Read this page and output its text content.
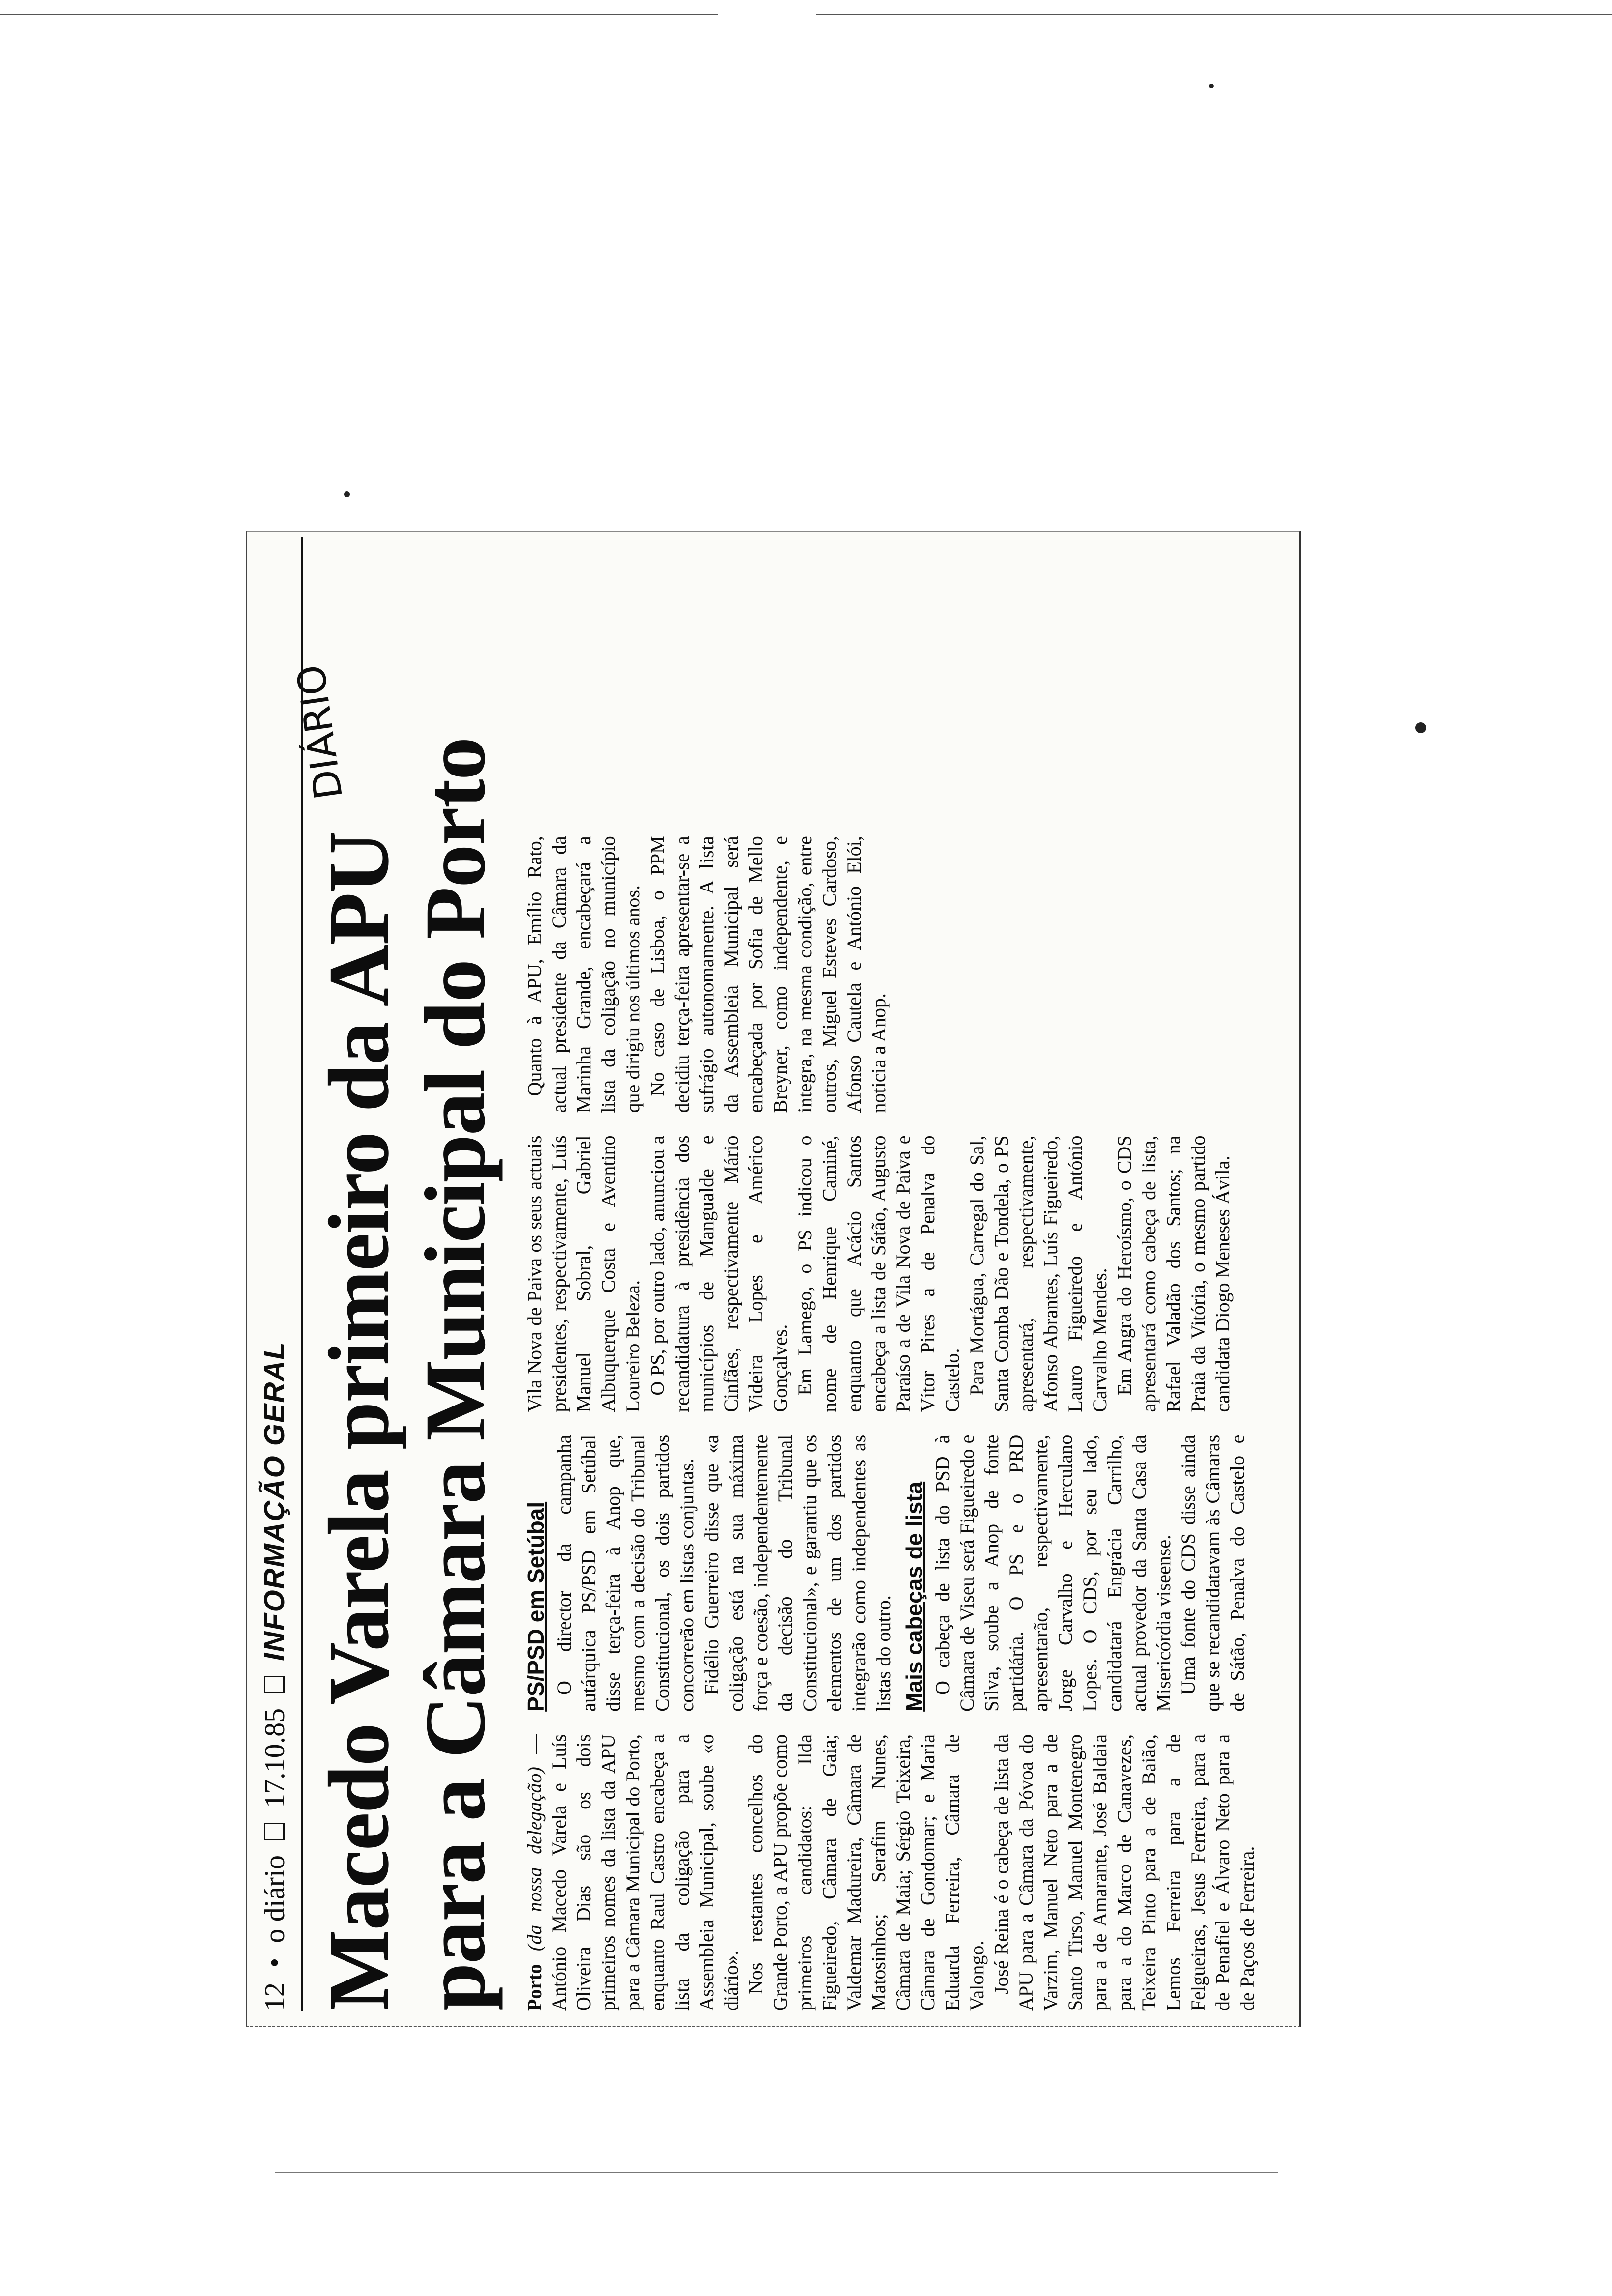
12
•
o diário
17.10.85
INFORMAÇÃO GERAL Macedo Varela primeiro da APU para a Câmara Municipal do Porto
DIÁRIO

Porto (da nossa delegação) — António Macedo Varela e Luís Oliveira Dias são os dois primeiros nomes da lista da APU para a Câmara Municipal do Porto, enquanto Raul Castro encabeça a lista da coligação para a Assembleia Municipal, soube «o diário». Nos restantes concelhos do Grande Porto, a APU propõe como primeiros candidatos: Ilda Figueiredo, Câmara de Gaia; Valdemar Madureira, Câmara de Matosinhos; Serafim Nunes, Câmara de Maia; Sérgio Teixeira, Câmara de Gondomar; e Maria Eduarda Ferreira, Câmara de Valongo. José Reina é o cabeça de lista da APU para a Câmara da Póvoa do Varzim, Manuel Neto para a de Santo Tirso, Manuel Montenegro para a de Amarante, José Baldaia para a do Marco de Canavezes, Teixeira Pinto para a de Baião, Lemos Ferreira para a de Felgueiras, Jesus Ferreira, para a de Penafiel e Álvaro Neto para a de Paços de Ferreira.

PS/PSD em Setúbal O director da campanha autárquica PS/PSD em Setúbal disse terça-feira à Anop que, mesmo com a decisão do Tribunal Constitucional, os dois partidos concorrerão em listas conjuntas. Fidélio Guerreiro disse que «a coligação está na sua máxima força e coesão, independentemente da decisão do Tribunal Constitucional», e garantiu que os elementos de um dos partidos integrarão como independentes as listas do outro. Mais cabeças de lista O cabeça de lista do PSD à Câmara de Viseu será Figueiredo e Silva, soube a Anop de fonte partidária. O PS e o PRD apresentarão, respectivamente, Jorge Carvalho e Herculano Lopes. O CDS, por seu lado, candidatará Engrácia Carrilho, actual provedor da Santa Casa da Misericórdia viseense. Uma fonte do CDS disse ainda que se recandidatavam às Câmaras de Sátão, Penalva do Castelo e Vila Nova de Paiva os seus actuais presidentes, respectivamente, Luís Manuel Sobral, Gabriel Albuquerque Costa e Aventino Loureiro Beleza. O PS, por outro lado, anunciou a recandidatura à presidência dos municípios de Mangualde e Cinfães, respectivamente Mário Videira Lopes e Américo Gonçalves. Em Lamego, o PS indicou o nome de Henrique Caminé, enquanto que Acácio Santos encabeça a lista de Sátão, Augusto Paraíso a de Vila Nova de Paiva e Vítor Pires a de Penalva do Castelo. Para Mortágua, Carregal do Sal, Santa Comba Dão e Tondela, o PS apresentará, respectivamente, Afonso Abrantes, Luís Figueiredo, Lauro Figueiredo e António Carvalho Mendes. Em Angra do Heroísmo, o CDS apresentará como cabeça de lista, Rafael Valadão dos Santos; na Praia da Vitória, o mesmo partido candidata Diogo Meneses Ávila.

Quanto à APU, Emílio Rato, actual presidente da Câmara da Marinha Grande, encabeçará a lista da coligação no município que dirigiu nos últimos anos. No caso de Lisboa, o PPM decidiu terça-feira apresentar-se a sufrágio autonomamente. A lista da Assembleia Municipal será encabeçada por Sofia de Mello Breyner, como independente, e integra, na mesma condição, entre outros, Miguel Esteves Cardoso, Afonso Cautela e António Elói, noticia a Anop.
